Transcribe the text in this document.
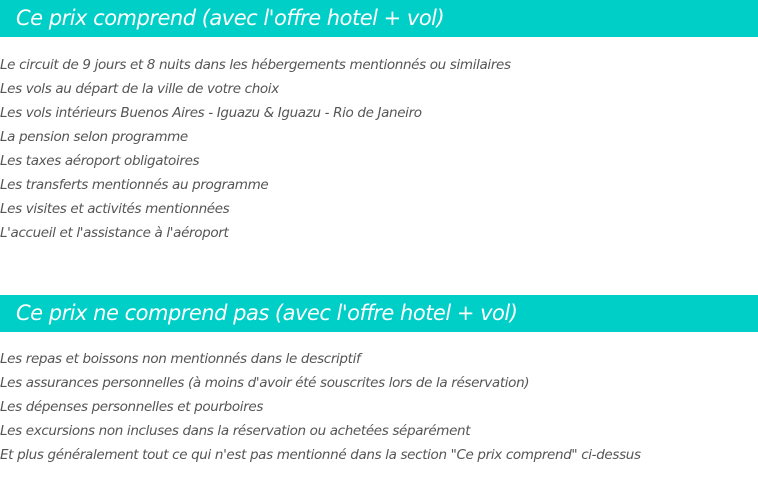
Ce prix comprend (avec l'offre hotel + vol)
Le circuit de 9 jours et 8 nuits dans les hébergements mentionnés ou similaires
Les vols au départ de la ville de votre choix
Les vols intérieurs Buenos Aires - Iguazu & Iguazu - Rio de Janeiro
La pension selon programme
Les taxes aéroport obligatoires
Les transferts mentionnés au programme
Les visites et activités mentionnées
L'accueil et l'assistance à l'aéroport
Ce prix ne comprend pas (avec l'offre hotel + vol)
Les repas et boissons non mentionnés dans le descriptif
Les assurances personnelles (à moins d'avoir été souscrites lors de la réservation)
Les dépenses personnelles et pourboires
Les excursions non incluses dans la réservation ou achetées séparément
Et plus généralement tout ce qui n'est pas mentionné dans la section "Ce prix comprend" ci-dessus
